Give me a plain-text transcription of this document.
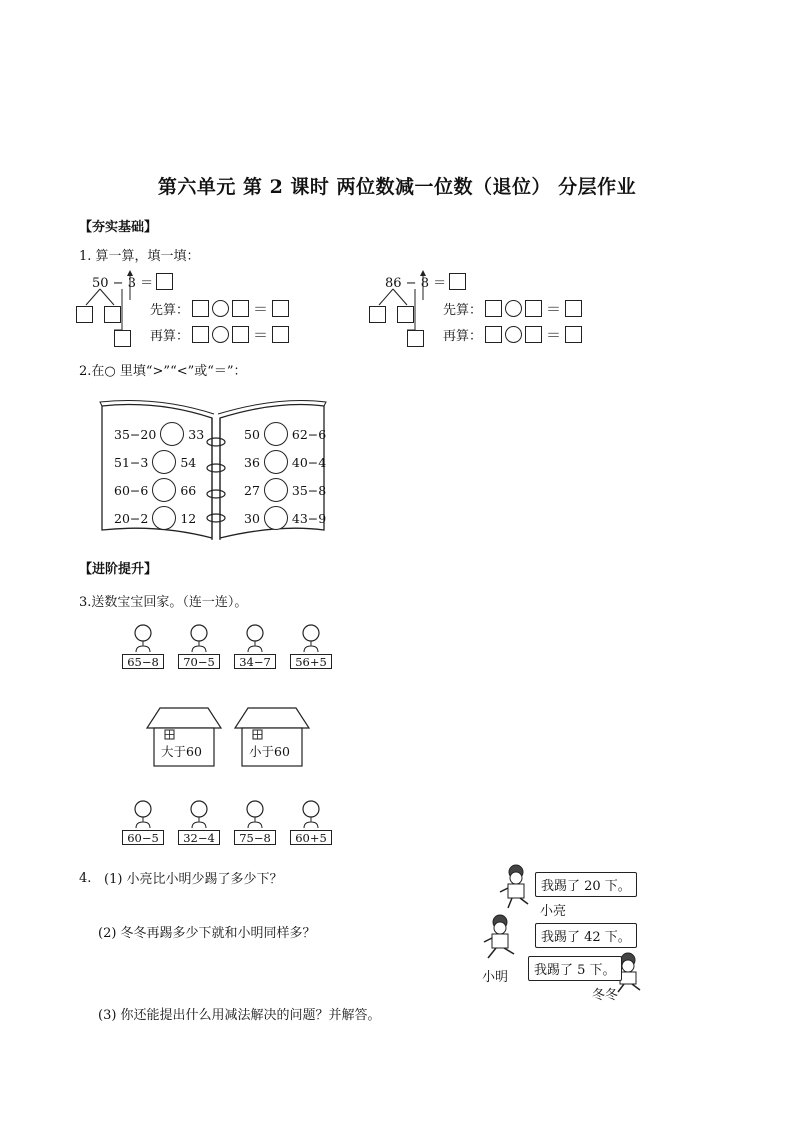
第六单元 第 2 课时 两位数减一位数（退位） 分层作业
【夯实基础】
1. 算一算，填一填：
50 − 3 ＝
先算：	＝
再算：	＝
86 − 8 ＝
先算：	＝
再算：	＝
2.在○ 里填“>”“<”或“＝”：
35−20	33
51−3	54
60−6	66
20−2	12
50	62−6
36	40−4
27	35−8
30	43−9
【进阶提升】
3.送数宝宝回家。（连一连）。
65−8	70−5	34−7	56+5
大于60	小于60
60−5	32−4	75−8	60+5
4. (1) 小亮比小明少踢了多少下？
(2) 冬冬再踢多少下就和小明同样多？
(3) 你还能提出什么用减法解决的问题？并解答。
我踢了 20 下。
小亮
我踢了 42 下。
我踢了 5 下。
小明
冬冬
